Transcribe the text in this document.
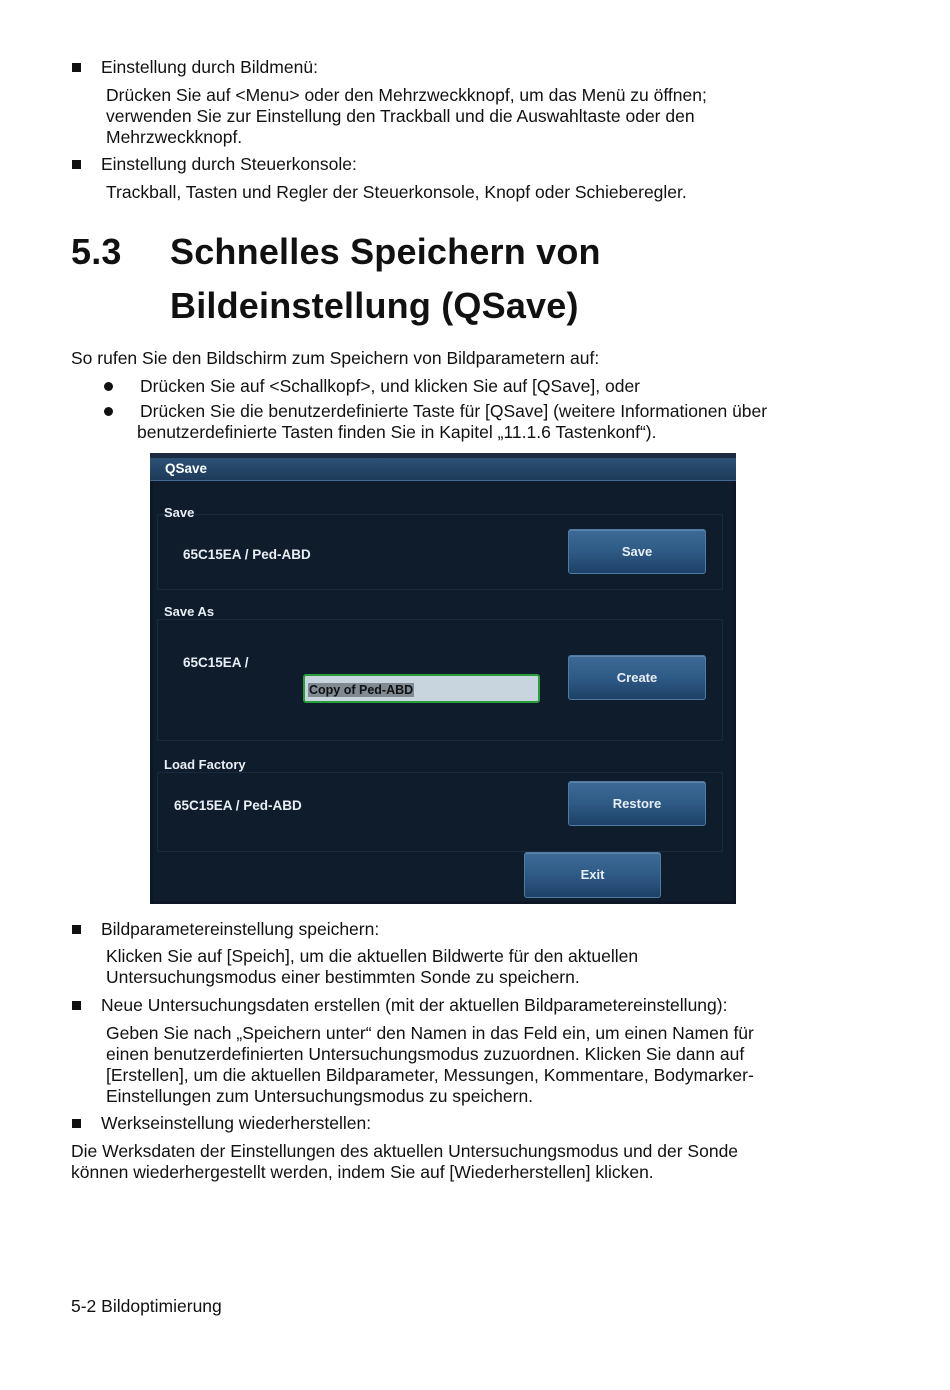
Einstellung durch Bildmenü:
Drücken Sie auf <Menu> oder den Mehrzweckknopf, um das Menü zu öffnen;
verwenden Sie zur Einstellung den Trackball und die Auswahltaste oder den
Mehrzweckknopf.
Einstellung durch Steuerkonsole:
Trackball, Tasten und Regler der Steuerkonsole, Knopf oder Schieberegler.
5.3 Schnelles Speichern von
Bildeinstellung (QSave)
So rufen Sie den Bildschirm zum Speichern von Bildparametern auf:
Drücken Sie auf <Schallkopf>, und klicken Sie auf [QSave], oder
Drücken Sie die benutzerdefinierte Taste für [QSave] (weitere Informationen über
benutzerdefinierte Tasten finden Sie in Kapitel „11.1.6 Tastenkonf“).
QSave
Save
65C15EA / Ped-ABD	Save
Save As
65C15EA /
Copy of Ped-ABD
Create
Load Factory
65C15EA / Ped-ABD	Restore
Exit
Bildparametereinstellung speichern:
Klicken Sie auf [Speich], um die aktuellen Bildwerte für den aktuellen
Untersuchungsmodus einer bestimmten Sonde zu speichern.
Neue Untersuchungsdaten erstellen (mit der aktuellen Bildparametereinstellung):
Geben Sie nach „Speichern unter“ den Namen in das Feld ein, um einen Namen für
einen benutzerdefinierten Untersuchungsmodus zuzuordnen. Klicken Sie dann auf
[Erstellen], um die aktuellen Bildparameter, Messungen, Kommentare, Bodymarker-
Einstellungen zum Untersuchungsmodus zu speichern.
Werkseinstellung wiederherstellen:
Die Werksdaten der Einstellungen des aktuellen Untersuchungsmodus und der Sonde
können wiederhergestellt werden, indem Sie auf [Wiederherstellen] klicken.
5-2 Bildoptimierung
